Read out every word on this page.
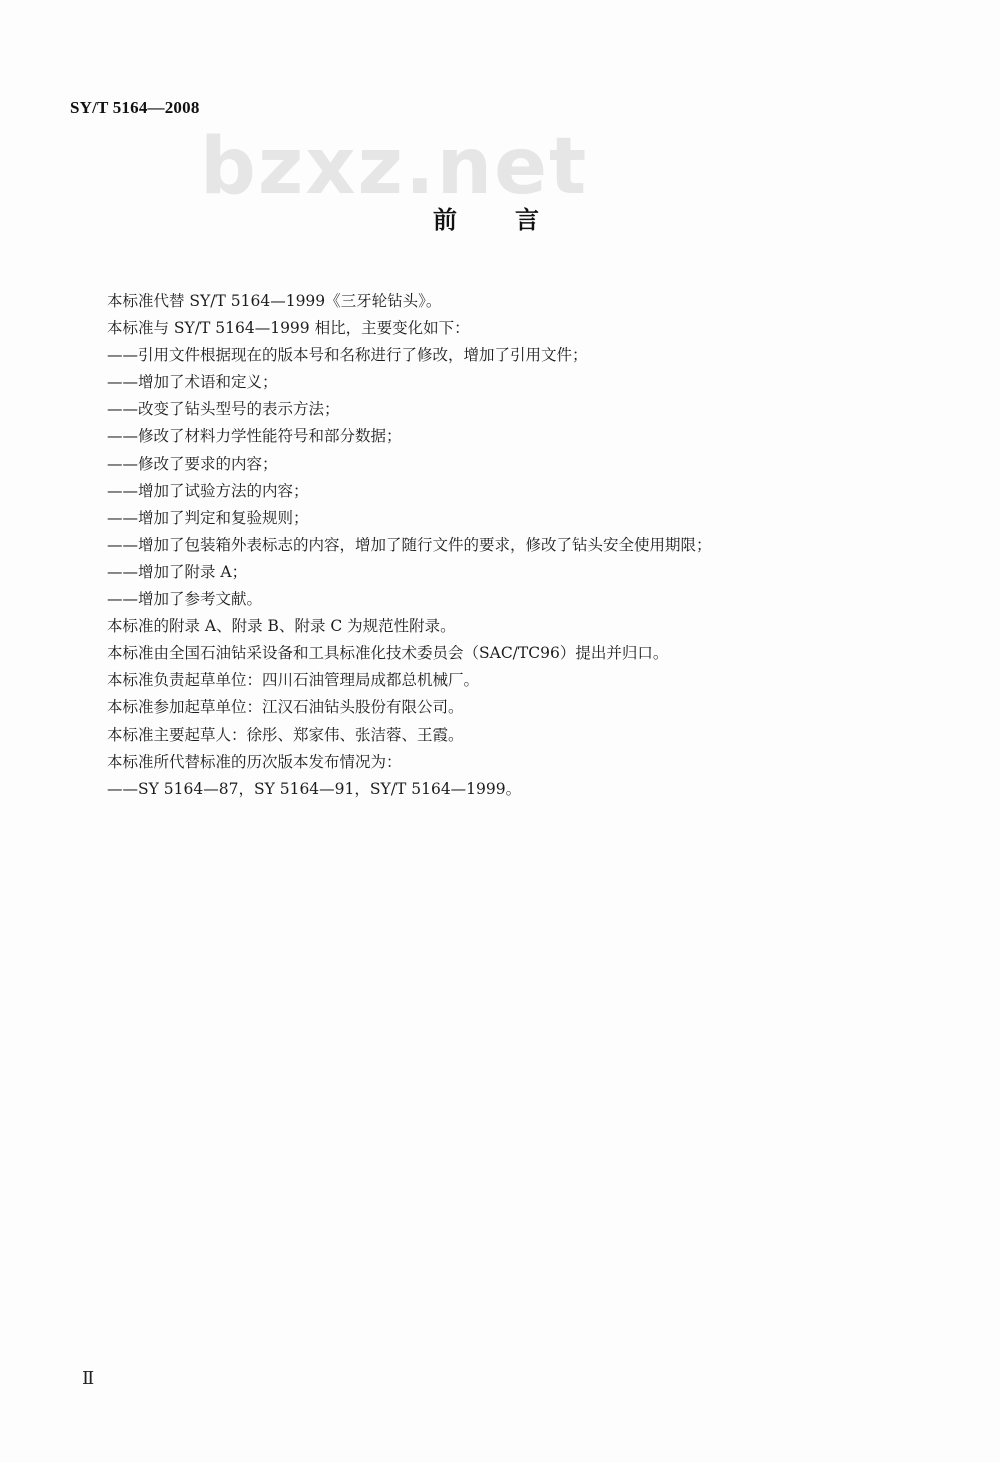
SY/T 5164—2008
bzxz.net
前言
本标准代替 SY/T 5164—1999《三牙轮钻头》。
本标准与 SY/T 5164—1999 相比，主要变化如下：
——引用文件根据现在的版本号和名称进行了修改，增加了引用文件；
——增加了术语和定义；
——改变了钻头型号的表示方法；
——修改了材料力学性能符号和部分数据；
——修改了要求的内容；
——增加了试验方法的内容；
——增加了判定和复验规则；
——增加了包装箱外表标志的内容，增加了随行文件的要求，修改了钻头安全使用期限；
——增加了附录 A；
——增加了参考文献。
本标准的附录 A、附录 B、附录 C 为规范性附录。
本标准由全国石油钻采设备和工具标准化技术委员会（SAC/TC96）提出并归口。
本标准负责起草单位：四川石油管理局成都总机械厂。
本标准参加起草单位：江汉石油钻头股份有限公司。
本标准主要起草人：徐彤、郑家伟、张洁蓉、王霞。
本标准所代替标准的历次版本发布情况为：
——SY 5164—87，SY 5164—91，SY/T 5164—1999。
Ⅱ
